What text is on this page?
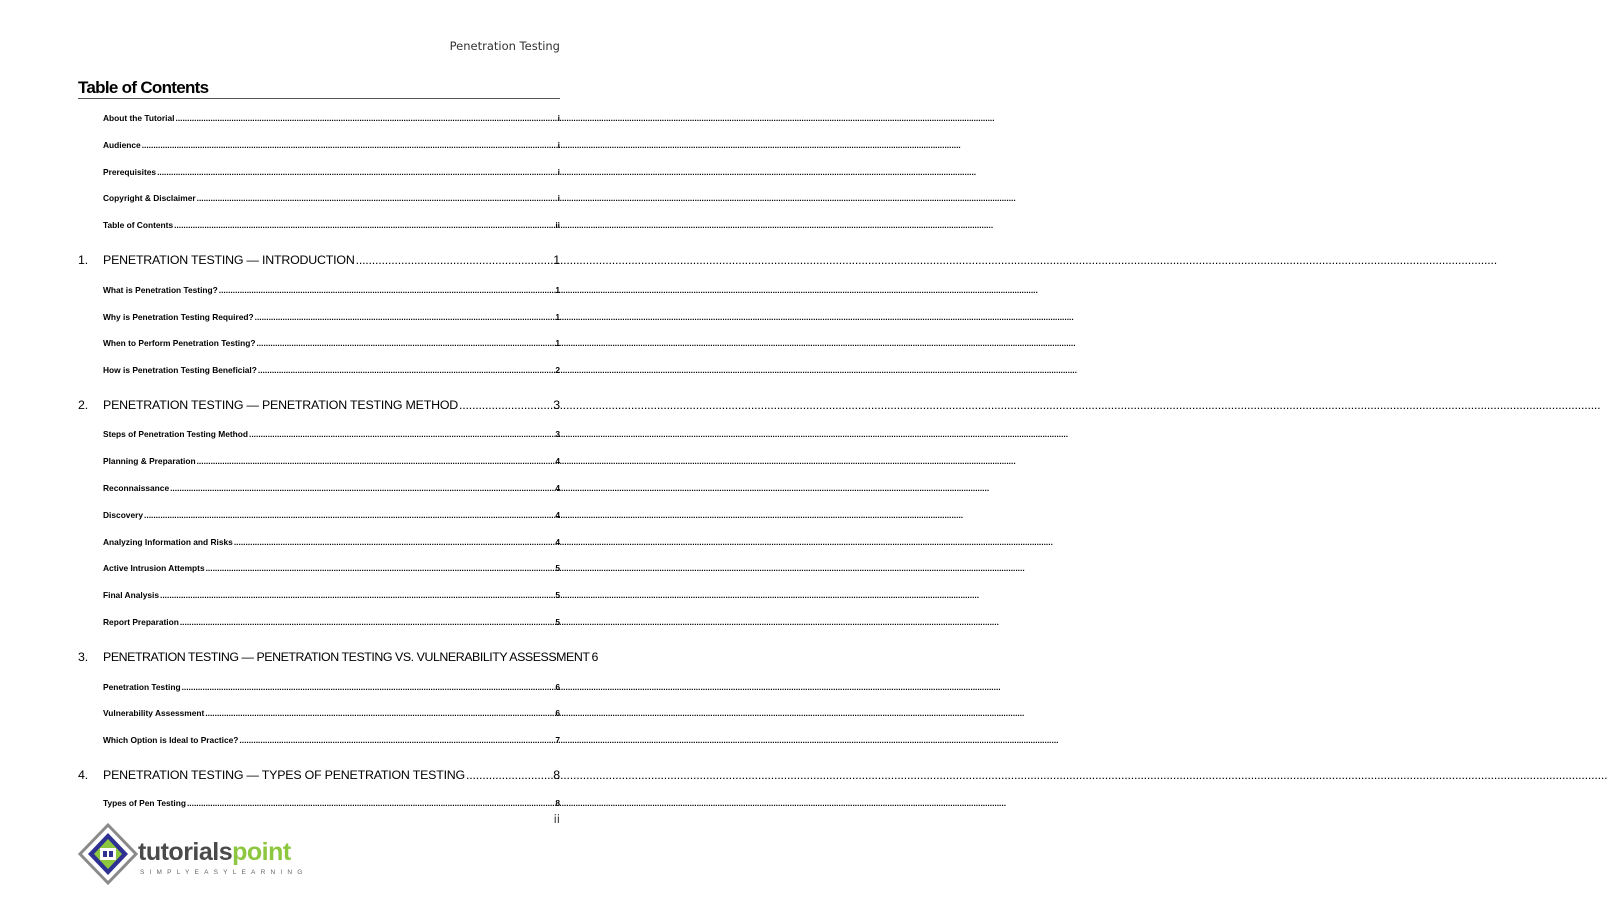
Penetration Testing
Table of Contents
About the Tutorial .....	i
Audience .....	i
Prerequisites .....	i
Copyright & Disclaimer .....	i
Table of Contents .....	ii
1.	PENETRATION TESTING — INTRODUCTION .....	1
What is Penetration Testing? .....	1
Why is Penetration Testing Required? .....	1
When to Perform Penetration Testing? .....	1
How is Penetration Testing Beneficial? .....	2
2.	PENETRATION TESTING — PENETRATION TESTING METHOD .....	3
Steps of Penetration Testing Method .....	3
Planning & Preparation .....	4
Reconnaissance .....	4
Discovery .....	4
Analyzing Information and Risks .....	4
Active Intrusion Attempts .....	5
Final Analysis .....	5
Report Preparation .....	5
3.	PENETRATION TESTING — PENETRATION TESTING VS. VULNERABILITY ASSESSMENT 6
Penetration Testing .....	6
Vulnerability Assessment .....	6
Which Option is Ideal to Practice? .....	7
4.	PENETRATION TESTING — TYPES OF PENETRATION TESTING .....	8
Types of Pen Testing .....	8
ii
tutorialspoint
SIMPLYEASYLEARNING
